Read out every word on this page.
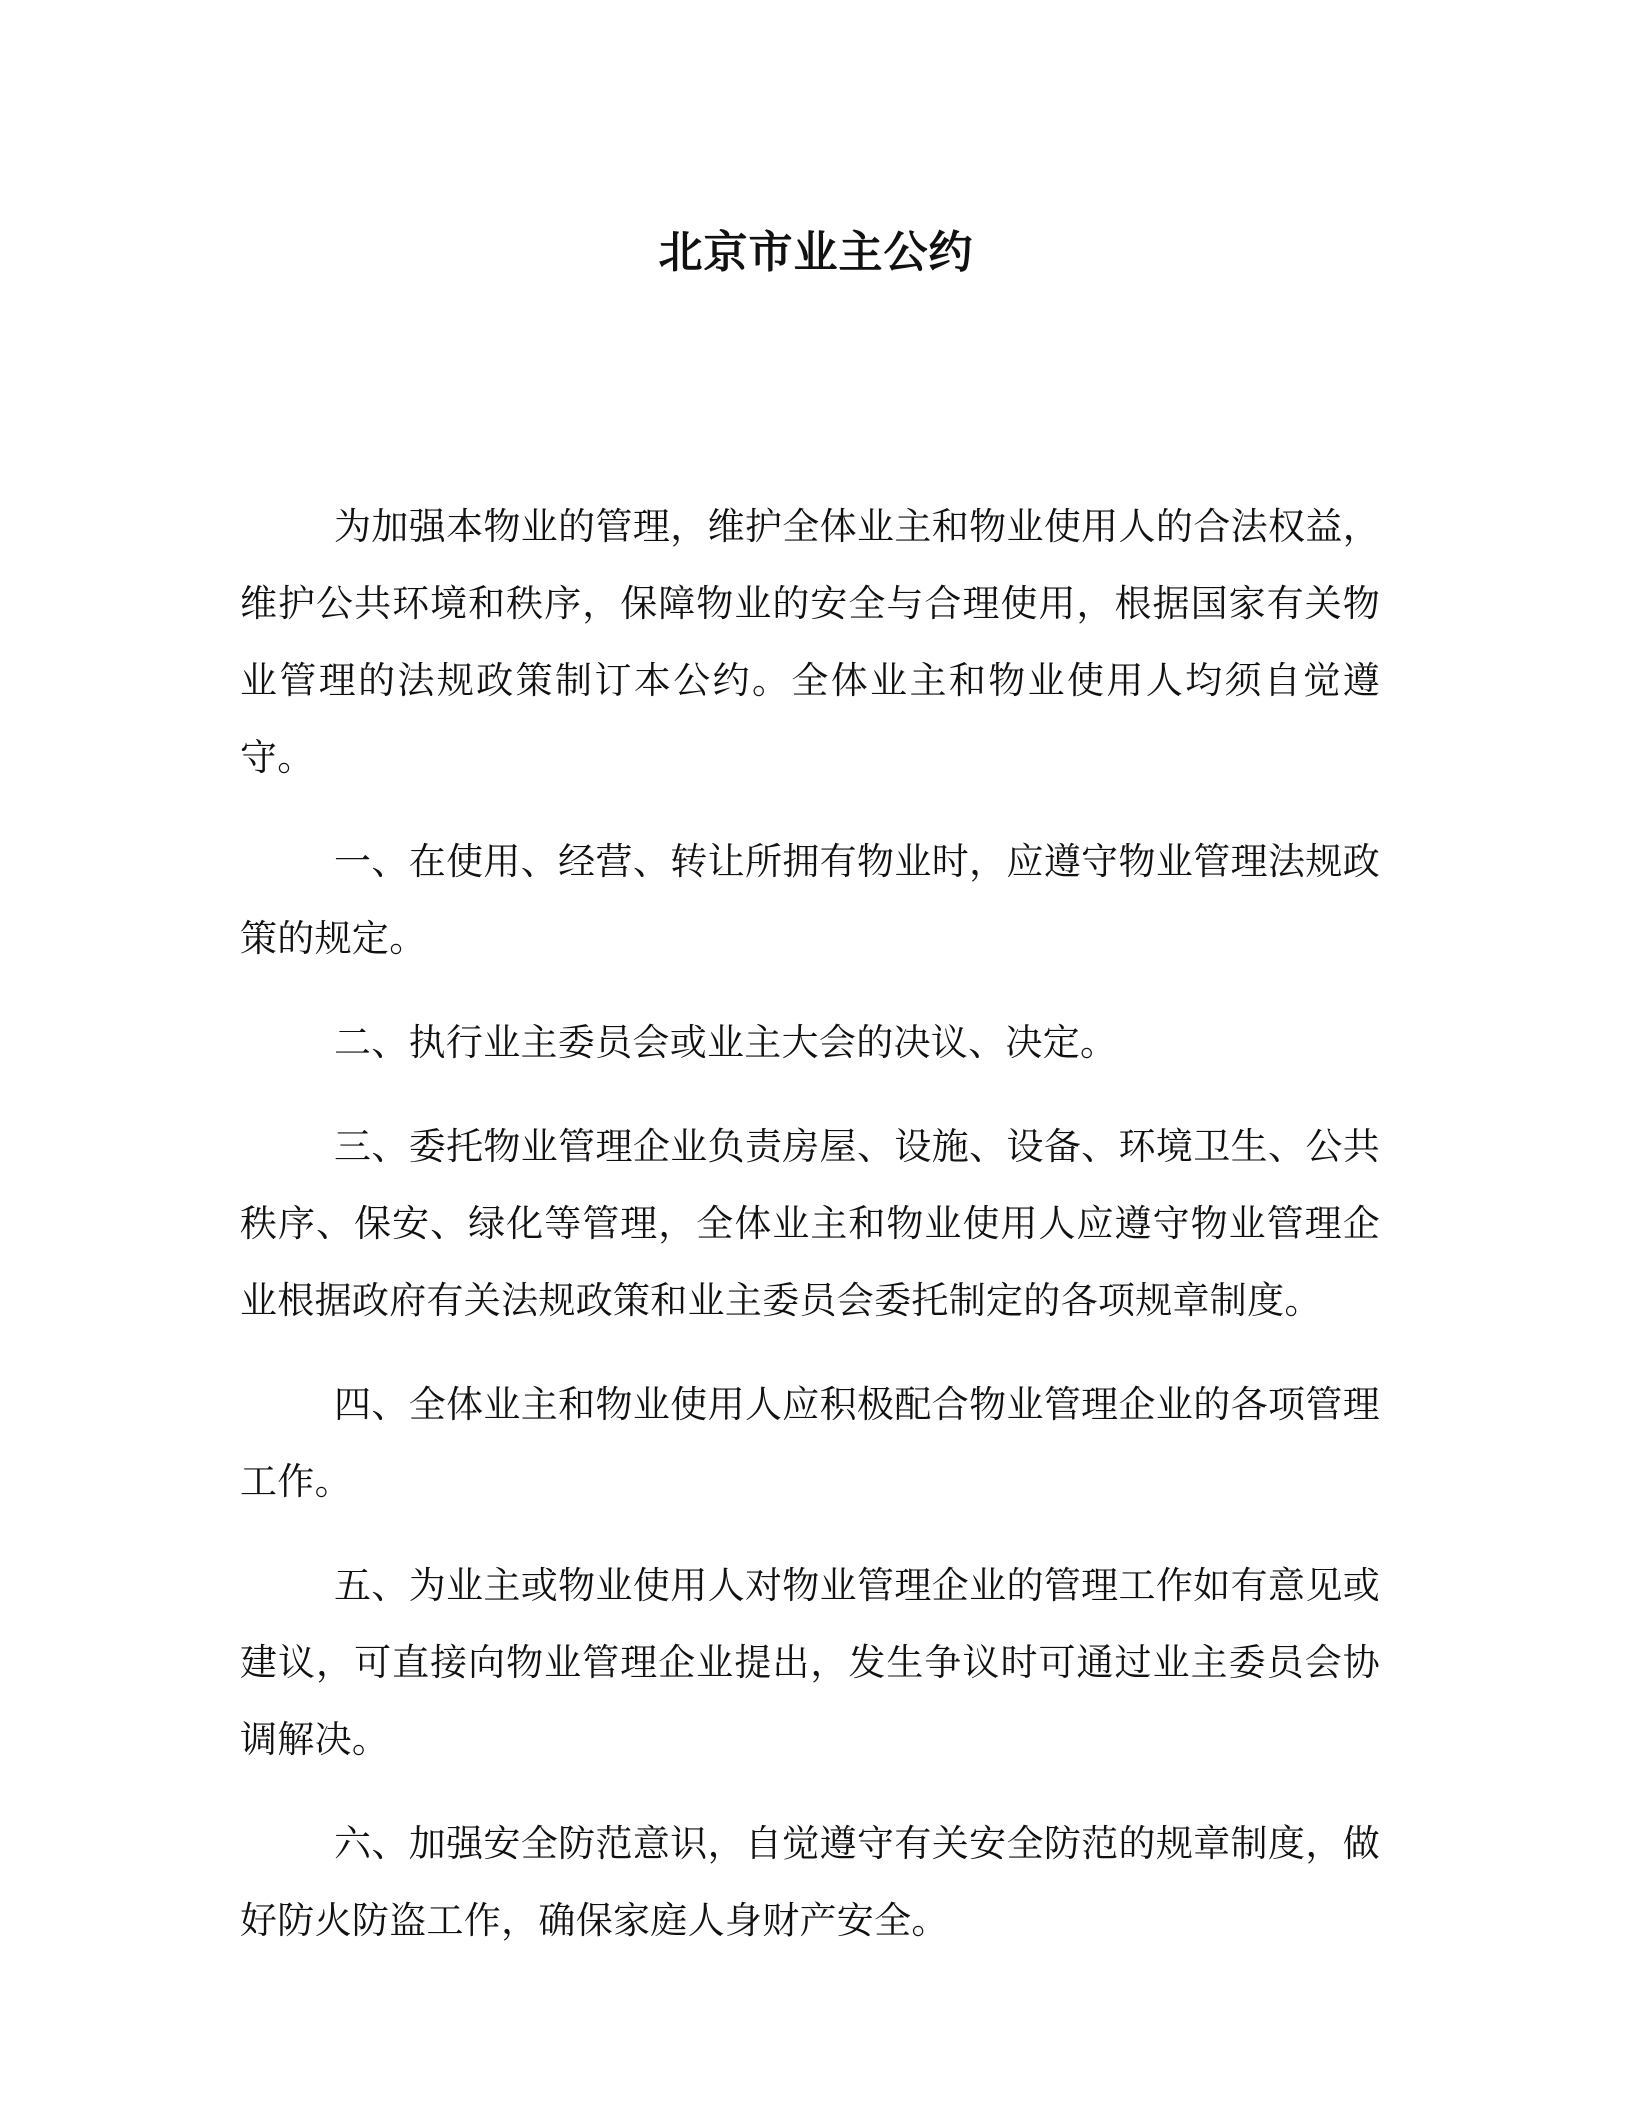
北京市业主公约

为加强本物业的管理，维护全体业主和物业使用人的合法权益，维护公共环境和秩序，保障物业的安全与合理使用，根据国家有关物业管理的法规政策制订本公约。全体业主和物业使用人均须自觉遵守。

一、在使用、经营、转让所拥有物业时，应遵守物业管理法规政策的规定。

二、执行业主委员会或业主大会的决议、决定。

三、委托物业管理企业负责房屋、设施、设备、环境卫生、公共秩序、保安、绿化等管理，全体业主和物业使用人应遵守物业管理企业根据政府有关法规政策和业主委员会委托制定的各项规章制度。

四、全体业主和物业使用人应积极配合物业管理企业的各项管理工作。

五、为业主或物业使用人对物业管理企业的管理工作如有意见或建议，可直接向物业管理企业提出，发生争议时可通过业主委员会协调解决。

六、加强安全防范意识，自觉遵守有关安全防范的规章制度，做好防火防盗工作，确保家庭人身财产安全。
